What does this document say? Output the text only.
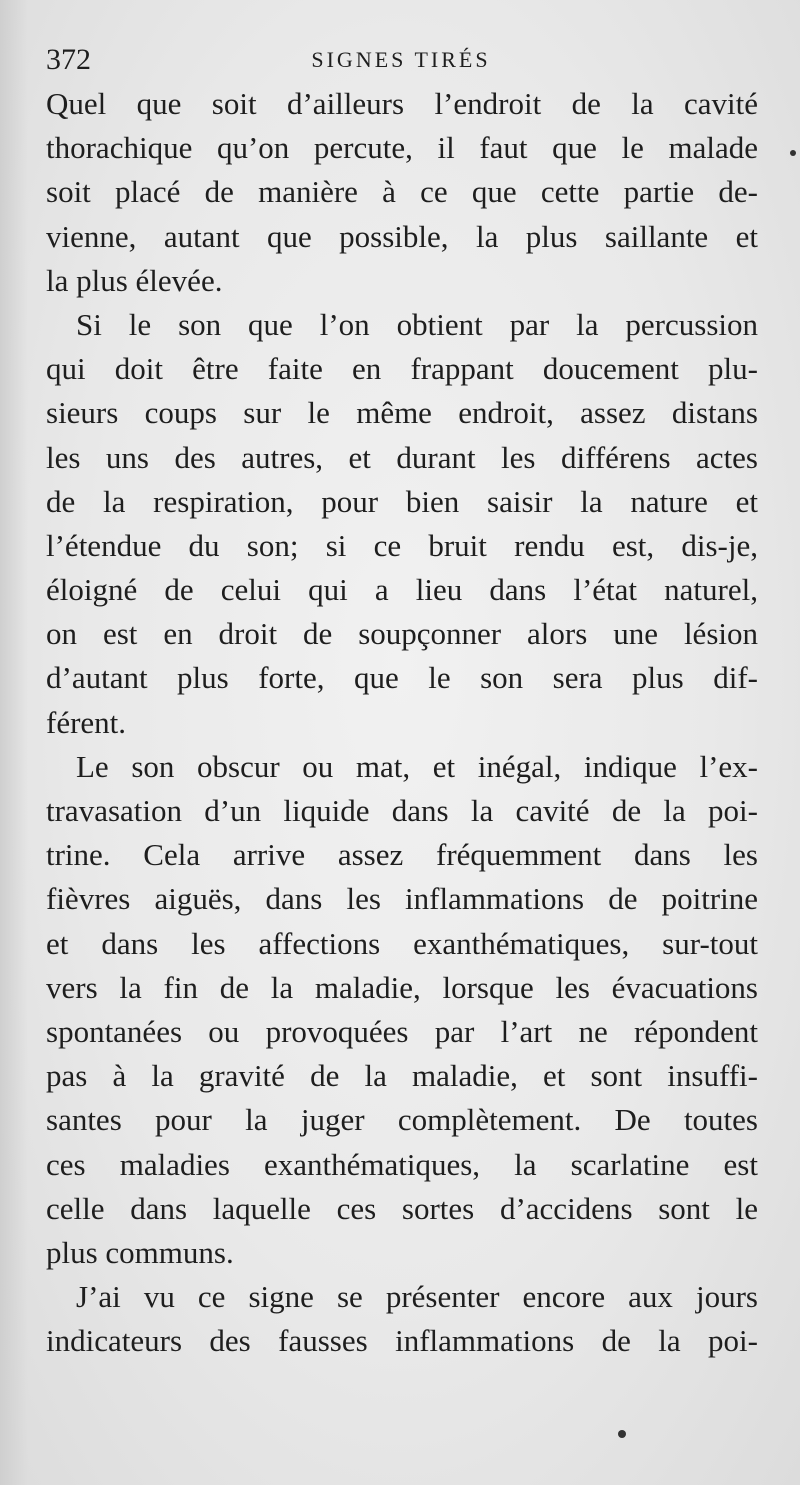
372	SIGNES TIRÉS
Quel que soit d’ailleurs l’endroit de la cavité
thorachique qu’on percute, il faut que le malade
soit placé de manière à ce que cette partie de-
vienne, autant que possible, la plus saillante et
la plus élevée.
Si le son que l’on obtient par la percussion
qui doit être faite en frappant doucement plu-
sieurs coups sur le même endroit, assez distans
les uns des autres, et durant les différens actes
de la respiration, pour bien saisir la nature et
l’étendue du son; si ce bruit rendu est, dis-je,
éloigné de celui qui a lieu dans l’état naturel,
on est en droit de soupçonner alors une lésion
d’autant plus forte, que le son sera plus dif-
férent.
Le son obscur ou mat, et inégal, indique l’ex-
travasation d’un liquide dans la cavité de la poi-
trine. Cela arrive assez fréquemment dans les
fièvres aiguës, dans les inflammations de poitrine
et dans les affections exanthématiques, sur-tout
vers la fin de la maladie, lorsque les évacuations
spontanées ou provoquées par l’art ne répondent
pas à la gravité de la maladie, et sont insuffi-
santes pour la juger complètement. De toutes
ces maladies exanthématiques, la scarlatine est
celle dans laquelle ces sortes d’accidens sont le
plus communs.
J’ai vu ce signe se présenter encore aux jours
indicateurs des fausses inflammations de la poi-
